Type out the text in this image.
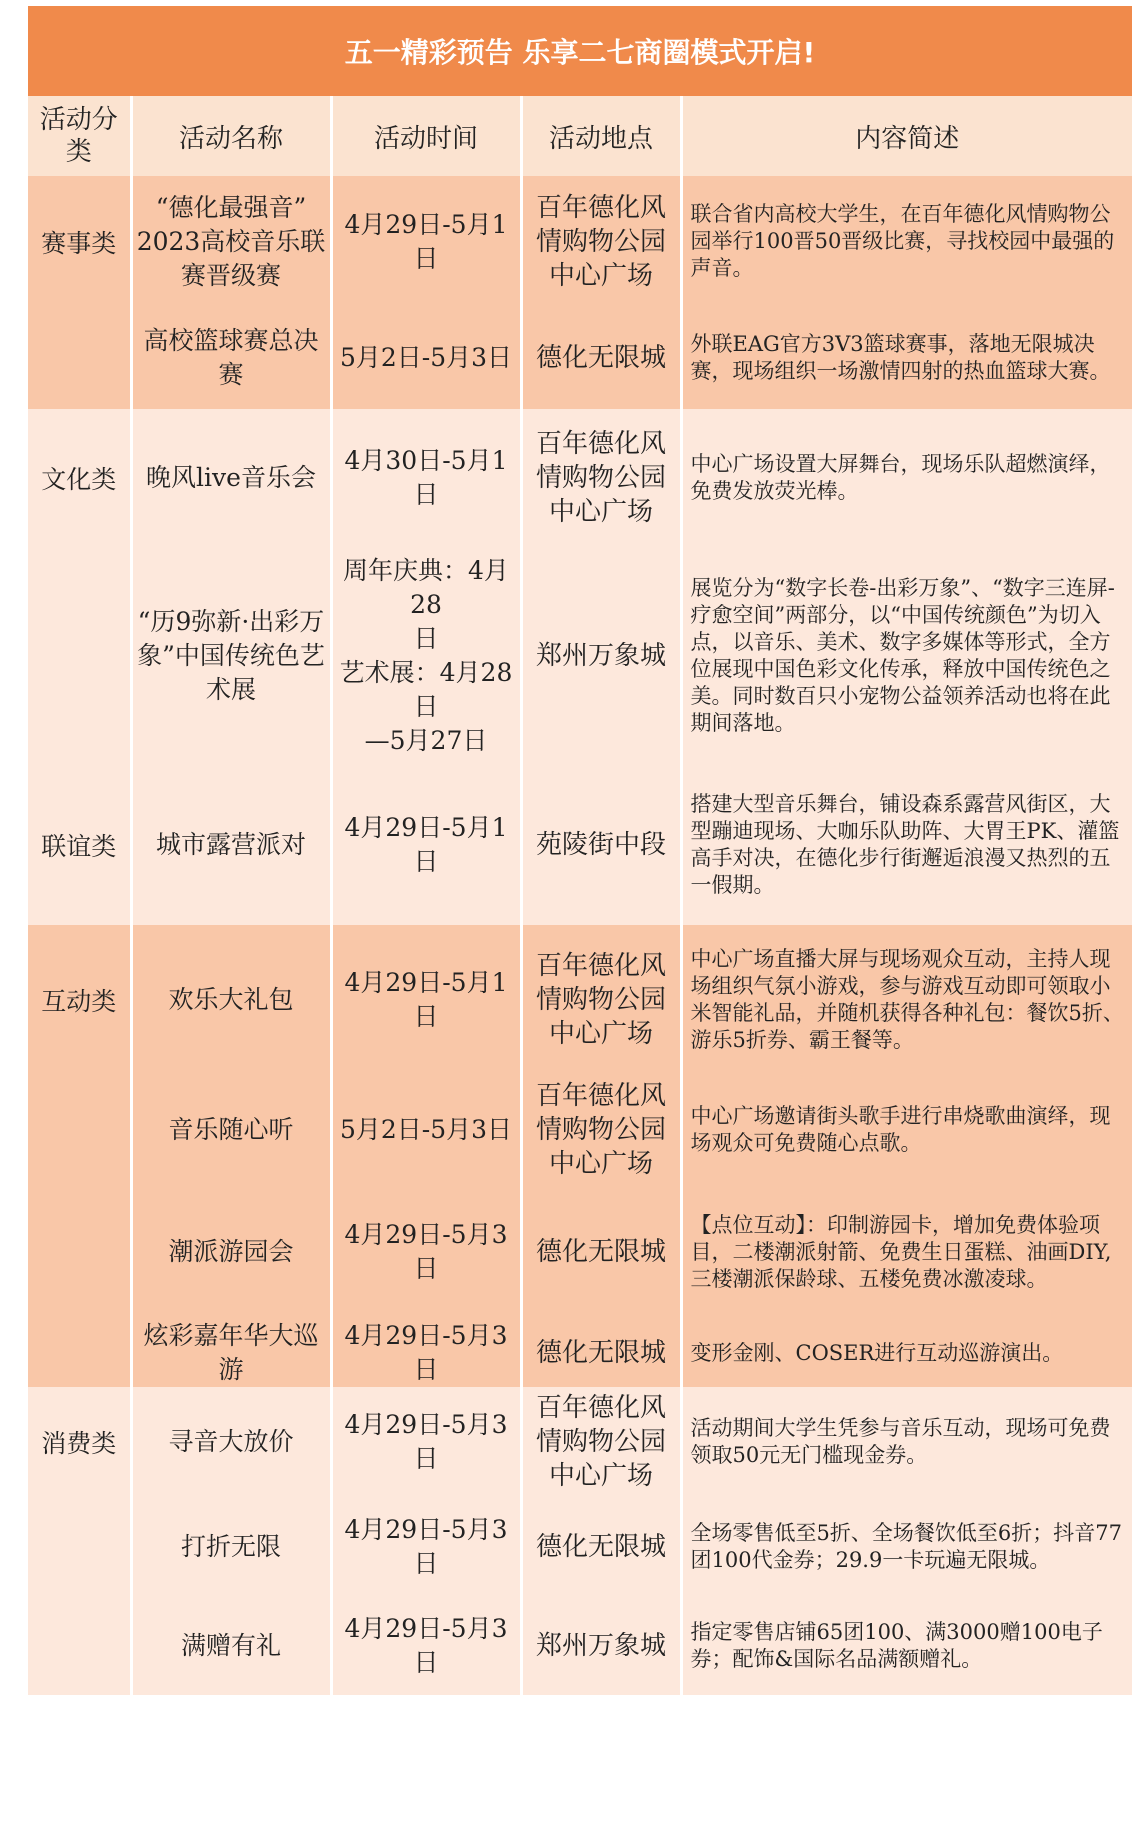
五一精彩预告 乐享二七商圈模式开启!
活动分类	活动名称	活动时间	活动地点	内容简述
赛事类	“德化最强音”
2023高校音乐联
赛晋级赛	4月29日-5月1日	百年德化风
情购物公园
中心广场	联合省内高校大学生，在百年德化风情购物公园举行100晋50晋级比赛，寻找校园中最强的声音。
	高校篮球赛总决
赛	5月2日-5月3日	德化无限城	外联EAG官方3V3篮球赛事，落地无限城决赛，现场组织一场激情四射的热血篮球大赛。
文化类	晚风live音乐会	4月30日-5月1日	百年德化风
情购物公园
中心广场	中心广场设置大屏舞台，现场乐队超燃演绎，免费发放荧光棒。
	“历9弥新·出彩万
象”中国传统色艺
术展	周年庆典：4月28
日
艺术展：4月28日
—5月27日	郑州万象城	展览分为“数字长卷-出彩万象”、“数字三连屏-疗愈空间”两部分，以“中国传统颜色”为切入点，以音乐、美术、数字多媒体等形式，全方位展现中国色彩文化传承，释放中国传统色之美。同时数百只小宠物公益领养活动也将在此期间落地。
联谊类	城市露营派对	4月29日-5月1日	苑陵街中段	搭建大型音乐舞台，铺设森系露营风街区，大型蹦迪现场、大咖乐队助阵、大胃王PK、灌篮高手对决，在德化步行街邂逅浪漫又热烈的五一假期。
互动类	欢乐大礼包	4月29日-5月1日	百年德化风
情购物公园
中心广场	中心广场直播大屏与现场观众互动，主持人现场组织气氛小游戏，参与游戏互动即可领取小米智能礼品，并随机获得各种礼包：餐饮5折、游乐5折券、霸王餐等。
	音乐随心听	5月2日-5月3日	百年德化风
情购物公园
中心广场	中心广场邀请街头歌手进行串烧歌曲演绎，现场观众可免费随心点歌。
	潮派游园会	4月29日-5月3日	德化无限城	【点位互动】：印制游园卡，增加免费体验项目，二楼潮派射箭、免费生日蛋糕、油画DIY,三楼潮派保龄球、五楼免费冰激凌球。
	炫彩嘉年华大巡
游	4月29日-5月3日	德化无限城	变形金刚、COSER进行互动巡游演出。
消费类	寻音大放价	4月29日-5月3日	百年德化风
情购物公园
中心广场	活动期间大学生凭参与音乐互动，现场可免费领取50元无门槛现金券。
	打折无限	4月29日-5月3日	德化无限城	全场零售低至5折、全场餐饮低至6折；抖音77团100代金券；29.9一卡玩遍无限城。
	满赠有礼	4月29日-5月3日	郑州万象城	指定零售店铺65团100、满3000赠100电子券；配饰&国际名品满额赠礼。
